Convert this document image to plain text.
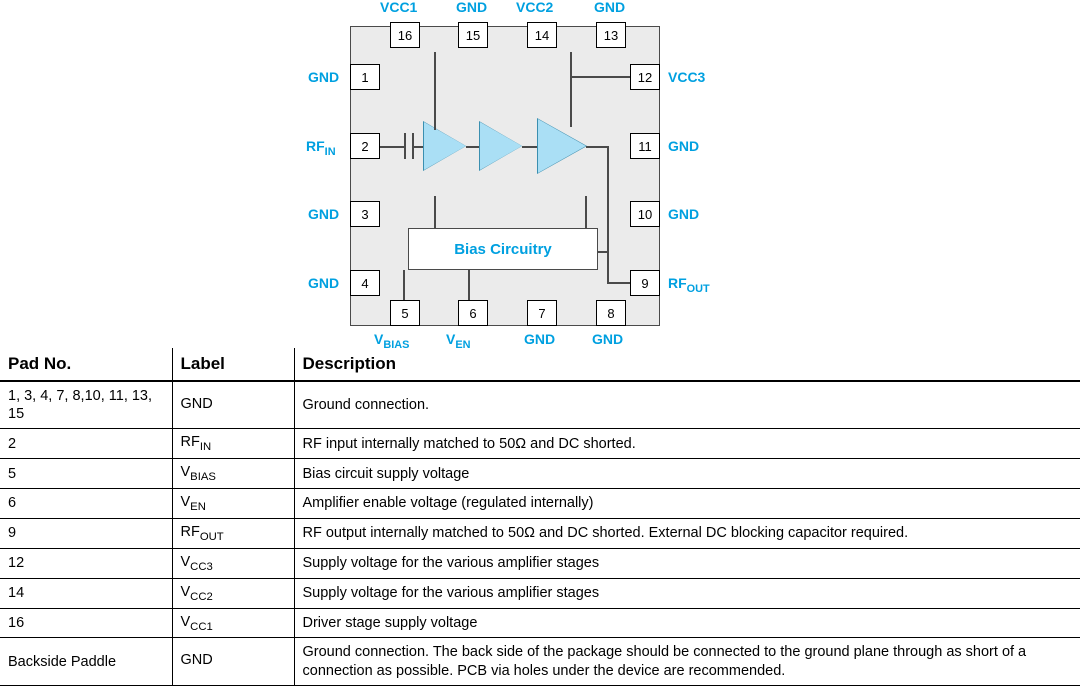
Bias Circuitry
16
VCC1
15
GND
14
VCC2
13
GND
1
GND
2
$RF_{IN}$
3
GND
4
GND
12 VCC3
11 GND
10 GND
9 $RF_{OUT}$
5
$V_{BIAS}$
6
$V_{EN}$
7
GND
8
GND
Pad No.	Label	Description
1, 3, 4, 7, 8,10, 11, 13, 15	GND	Ground connection.
2	$RF_{IN}$	RF input internally matched to 50Ω and DC shorted.
5	$V_{BIAS}$	Bias circuit supply voltage
6	$V_{EN}$	Amplifier enable voltage (regulated internally)
9	$RF_{OUT}$	RF output internally matched to 50Ω and DC shorted. External DC blocking capacitor required.
12	$V_{CC3}$	Supply voltage for the various amplifier stages
14	$V_{CC2}$	Supply voltage for the various amplifier stages
16	$V_{CC1}$	Driver stage supply voltage
Backside Paddle	GND	Ground connection. The back side of the package should be connected to the ground plane through as short of a connection as possible. PCB via holes under the device are recommended.
